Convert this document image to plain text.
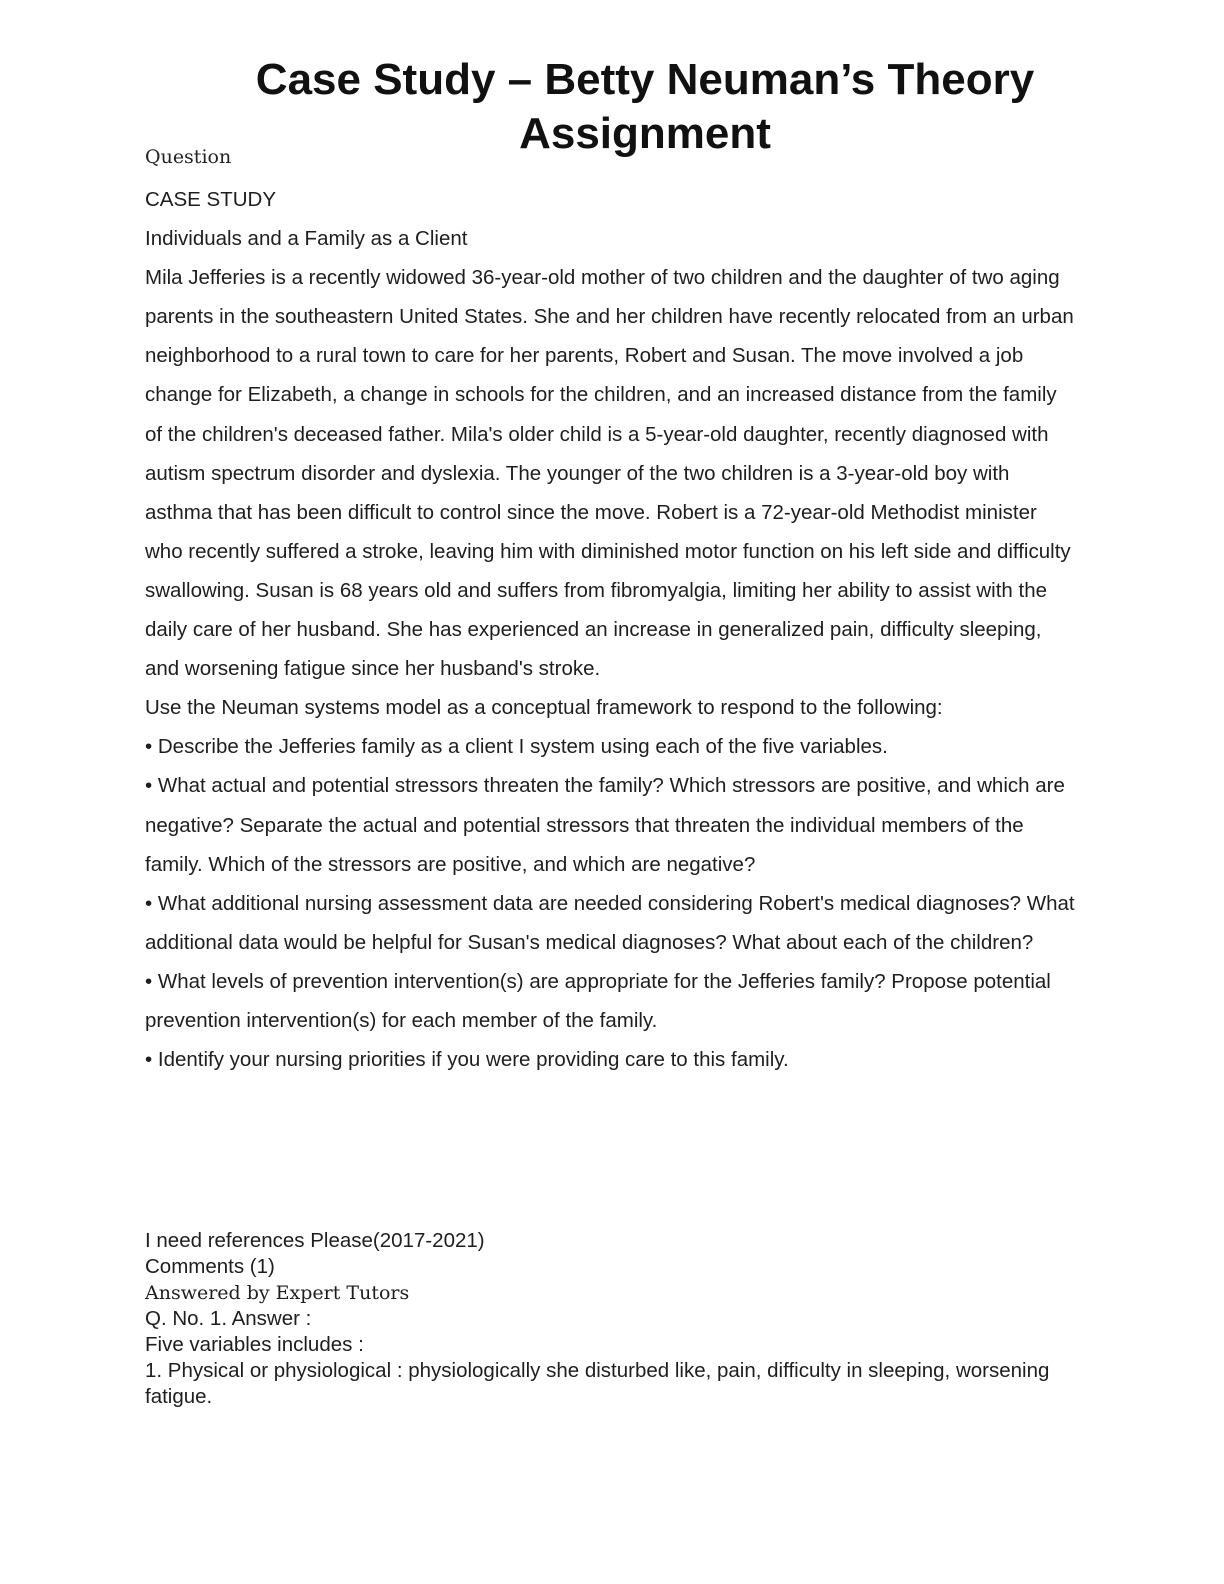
Case Study – Betty Neuman’s Theory
Assignment

Question

CASE STUDY

Individuals and a Family as a Client

Mila Jefferies is a recently widowed 36-year-old mother of two children and the daughter of two aging parents in the southeastern United States. She and her children have recently relocated from an urban neighborhood to a rural town to care for her parents, Robert and Susan. The move involved a job change for Elizabeth, a change in schools for the children, and an increased distance from the family of the children's deceased father. Mila's older child is a 5-year-old daughter, recently diagnosed with autism spectrum disorder and dyslexia. The younger of the two children is a 3-year-old boy with asthma that has been difficult to control since the move. Robert is a 72-year-old Methodist minister who recently suffered a stroke, leaving him with diminished motor function on his left side and difficulty swallowing. Susan is 68 years old and suffers from fibromyalgia, limiting her ability to assist with the daily care of her husband. She has experienced an increase in generalized pain, difficulty sleeping, and worsening fatigue since her husband's stroke.

Use the Neuman systems model as a conceptual framework to respond to the following:

• Describe the Jefferies family as a client I system using each of the five variables.

• What actual and potential stressors threaten the family? Which stressors are positive, and which are negative? Separate the actual and potential stressors that threaten the individual members of the family. Which of the stressors are positive, and which are negative?

• What additional nursing assessment data are needed considering Robert's medical diagnoses? What additional data would be helpful for Susan's medical diagnoses? What about each of the children?

• What levels of prevention intervention(s) are appropriate for the Jefferies family? Propose potential prevention intervention(s) for each member of the family.

• Identify your nursing priorities if you were providing care to this family.

I need references Please(2017-2021)

Comments (1)

Answered by Expert Tutors

Q. No. 1. Answer :

Five variables includes :

1. Physical or physiological : physiologically she disturbed like, pain, difficulty in sleeping, worsening fatigue.
